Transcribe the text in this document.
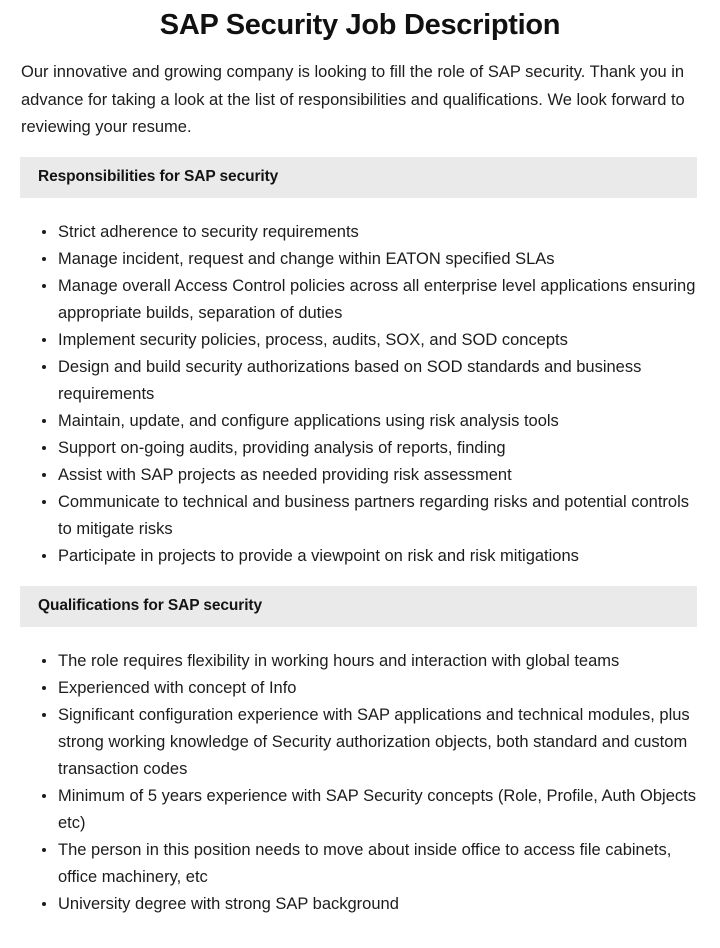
SAP Security Job Description

Our innovative and growing company is looking to fill the role of SAP security. Thank you in advance for taking a look at the list of responsibilities and qualifications. We look forward to reviewing your resume.

Responsibilities for SAP security
Strict adherence to security requirements
Manage incident, request and change within EATON specified SLAs
Manage overall Access Control policies across all enterprise level applications ensuring appropriate builds, separation of duties
Implement security policies, process, audits, SOX, and SOD concepts
Design and build security authorizations based on SOD standards and business requirements
Maintain, update, and configure applications using risk analysis tools
Support on-going audits, providing analysis of reports, finding
Assist with SAP projects as needed providing risk assessment
Communicate to technical and business partners regarding risks and potential controls to mitigate risks
Participate in projects to provide a viewpoint on risk and risk mitigations
Qualifications for SAP security
The role requires flexibility in working hours and interaction with global teams
Experienced with concept of Info
Significant configuration experience with SAP applications and technical modules, plus strong working knowledge of Security authorization objects, both standard and custom transaction codes
Minimum of 5 years experience with SAP Security concepts (Role, Profile, Auth Objects etc)
The person in this position needs to move about inside office to access file cabinets, office machinery, etc
University degree with strong SAP background
